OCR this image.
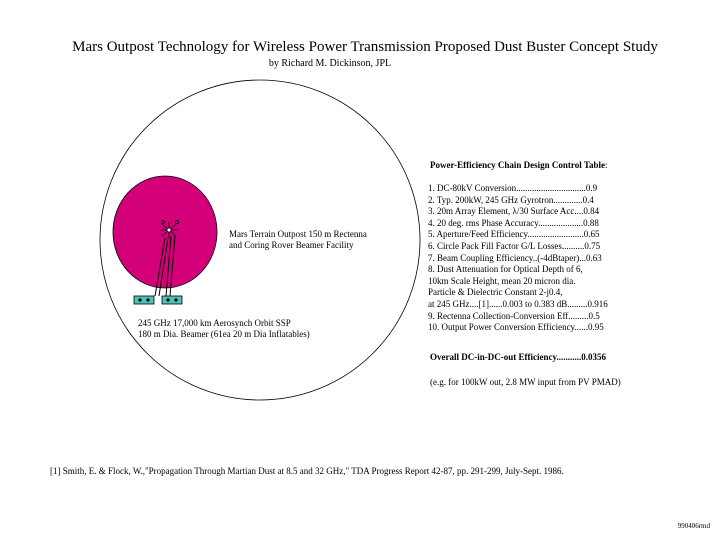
Mars Outpost Technology for Wireless Power Transmission Proposed Dust Buster Concept Study
by Richard M. Dickinson, JPL
Mars Terrain Outpost 150 m Rectenna
and Coring Rover Beamer Facility
245 GHz 17,000 km Aerosynch Orbit SSP
180 m Dia. Beamer (61ea 20 m Dia Inflatables)
Power-Efficiency Chain Design Control Table:
1. DC-80kV Conversion...............................0.9
2. Typ. 200kW, 245 GHz Gyrotron.............0.4
3. 20m Array Element, λ/30 Surface Acc....0.84
4. 20 deg. rms Phase Accuracy....................0.88
5. Aperture/Feed Efficiency.........................0.65
6. Circle Pack Fill Factor G/L Losses..........0.75
7. Beam Coupling Efficiency..(-4dBtaper)...0.63
8. Dust Attenuation for Optical Depth of 6,
10km Scale Height, mean 20 micron dia.
Particle & Dielectric Constant 2-j0.4,
at 245 GHz....[1]......0.003 to 0.383 dB.........0.916
9. Rectenna Collection-Conversion Eff.........0.5
10. Output Power Conversion Efficiency......0.95
Overall DC-in-DC-out Efficiency...........0.0356
(e.g. for 100kW out, 2.8 MW input from PV PMAD)
[1] Smith, E. & Flock, W.,"Propagation Through Martian Dust at 8.5 and 32 GHz," TDA Progress Report 42-87, pp. 291-299, July-Sept. 1986.
990406rmd
